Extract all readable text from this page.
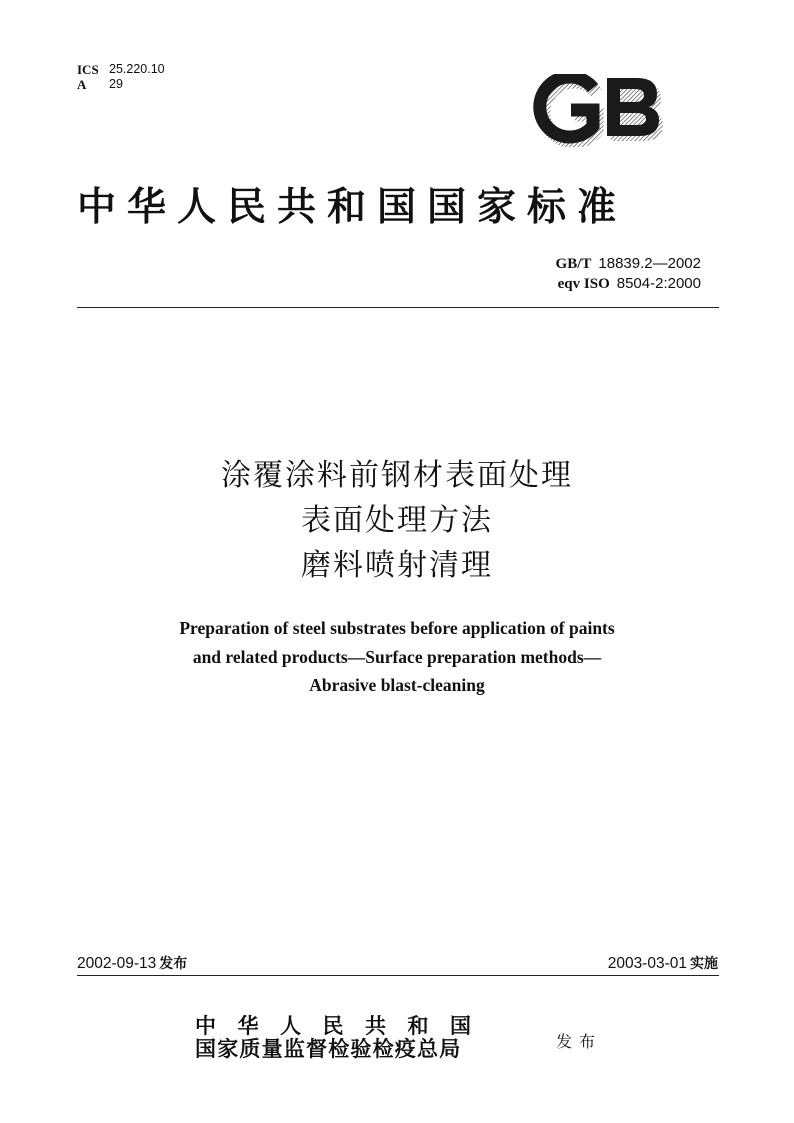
ICS 25.220.10
A	29
中华人民共和国国家标准
GB/T 18839.2—2002
eqv ISO 8504-2:2000
涂覆涂料前钢材表面处理
表面处理方法
磨料喷射清理
Preparation of steel substrates before application of paints
and related products—Surface preparation methods—
Abrasive blast-cleaning
2002-09-13 发布	2003-03-01 实施
中华人民共和国
国家质量监督检验检疫总局	发布
